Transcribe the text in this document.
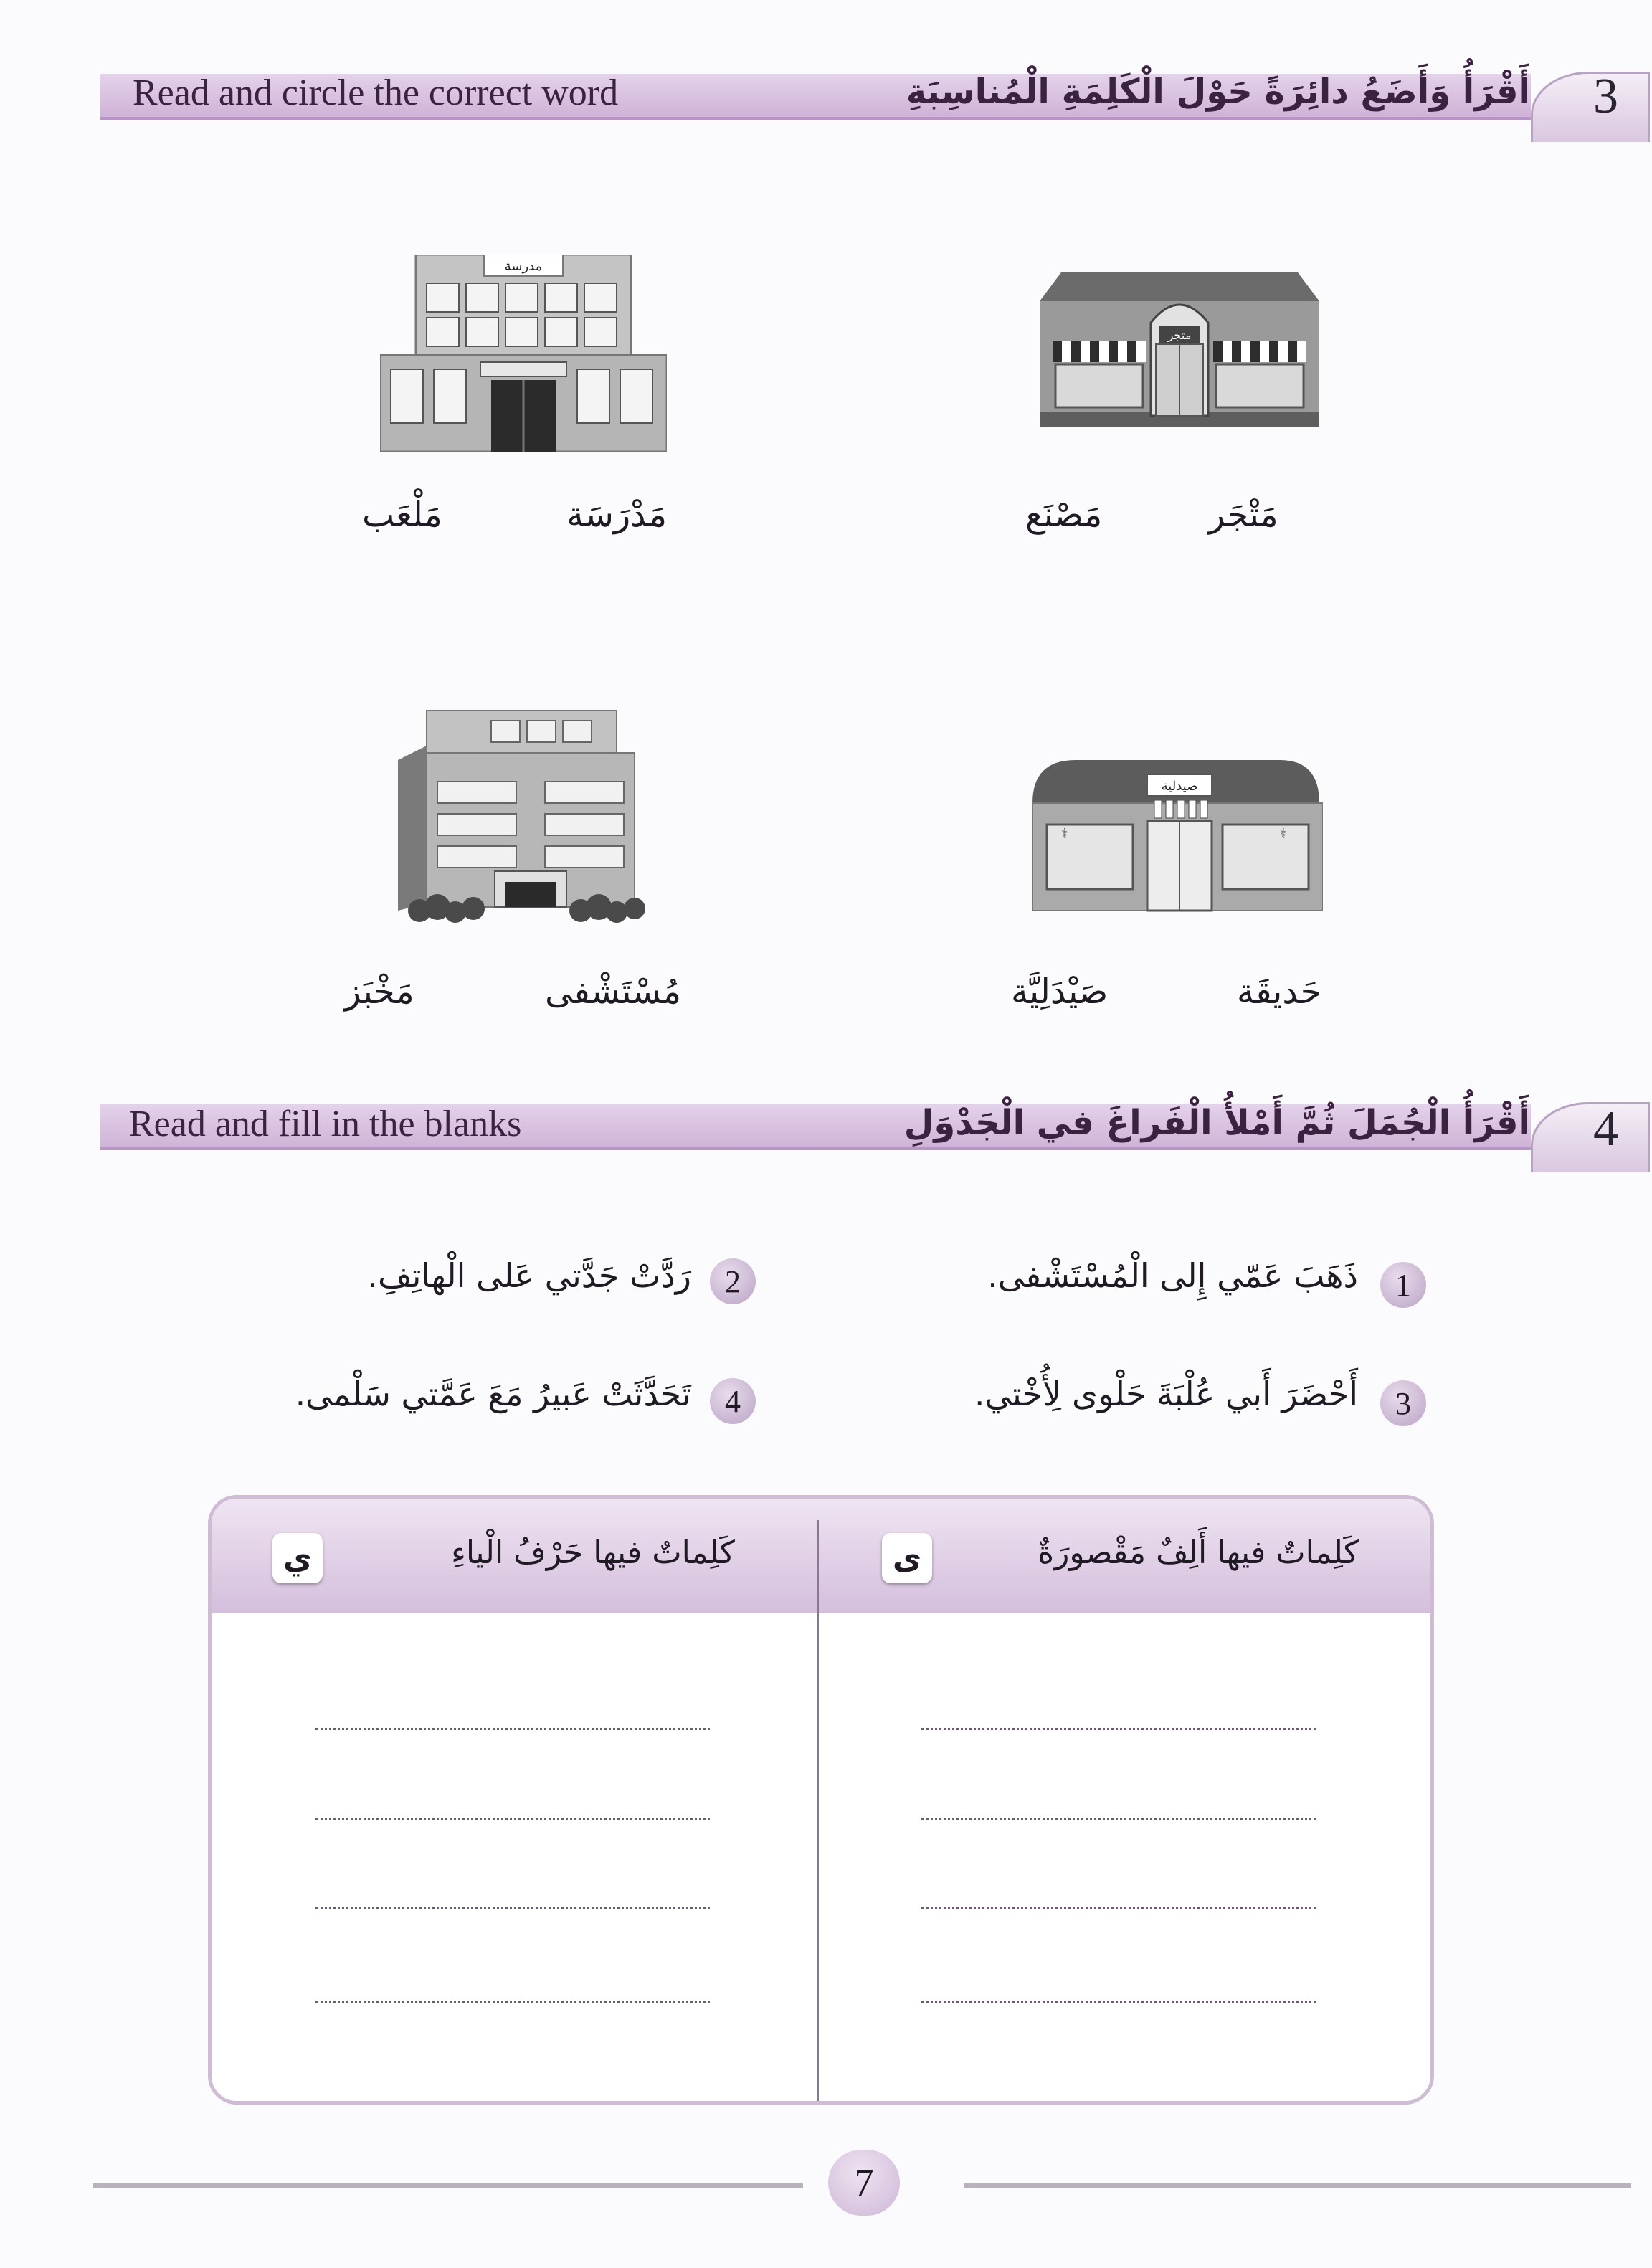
3
Read and circle the correct word	أَقْرَأُ وَأَضَعُ دائِرَةً حَوْلَ الْكَلِمَةِ الْمُناسِبَةِ
متجر
مَتْجَر
مَصْنَع
مدرسة
مَدْرَسَة
مَلْعَب
صيدلية
⚕	⚕
حَديقَة
صَيْدَلِيَّة
مُسْتَشْفى
مَخْبَز
4
Read and fill in the blanks	أَقْرَأُ الْجُمَلَ ثُمَّ أَمْلأُ الْفَراغَ في الْجَدْوَلِ
1
ذَهَبَ عَمّي إِلى الْمُسْتَشْفى.
2
رَدَّتْ جَدَّتي عَلى الْهاتِفِ.
3
أَحْضَرَ أَبي عُلْبَةَ حَلْوى لِأُخْتي.
4
تَحَدَّثَتْ عَبيرُ مَعَ عَمَّتي سَلْمى.
كَلِماتٌ فيها أَلِفٌ مَقْصورَةٌ
ى
كَلِماتٌ فيها حَرْفُ الْياءِ
ي
7
